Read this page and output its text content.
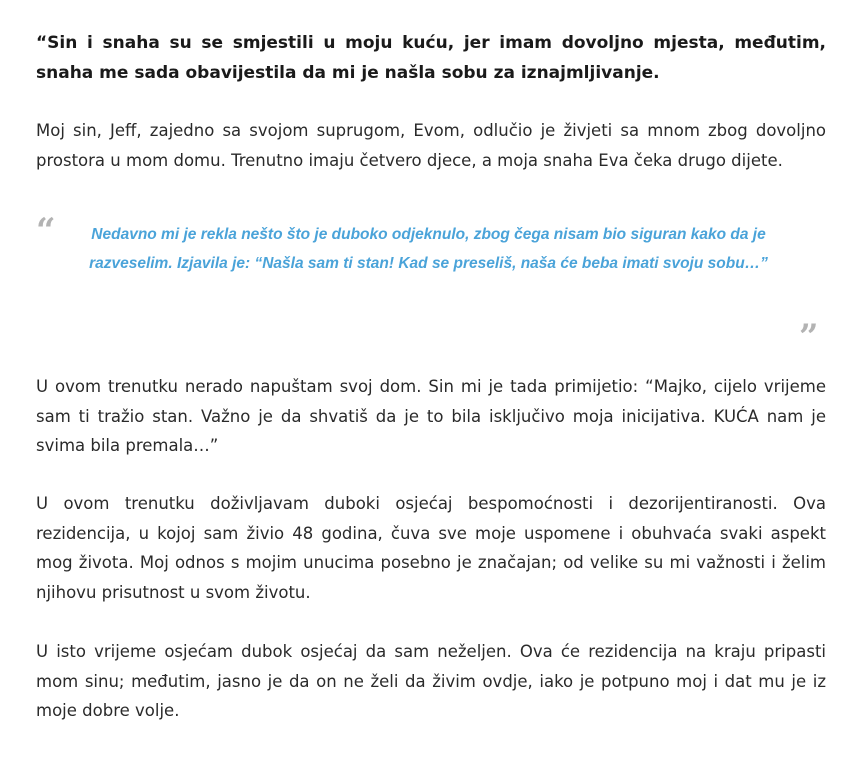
“Sin i snaha su se smjestili u moju kuću, jer imam dovoljno mjesta, međutim, snaha me sada obavijestila da mi je našla sobu za iznajmljivanje.

Moj sin, Jeff, zajedno sa svojom suprugom, Evom, odlučio je živjeti sa mnom zbog dovoljno prostora u mom domu. Trenutno imaju četvero djece, a moja snaha Eva čeka drugo dijete.

“	Nedavno mi je rekla nešto što je duboko odjeknulo, zbog čega nisam bio siguran kako da je razveselim. Izjavila je: “Našla sam ti stan! Kad se preseliš, naša će beba imati svoju sobu…”

”

U ovom trenutku nerado napuštam svoj dom. Sin mi je tada primijetio: “Majko, cijelo vrijeme sam ti tražio stan. Važno je da shvatiš da je to bila isključivo moja inicijativa. KUĆA nam je svima bila premala…”

U ovom trenutku doživljavam duboki osjećaj bespomoćnosti i dezorijentiranosti. Ova rezidencija, u kojoj sam živio 48 godina, čuva sve moje uspomene i obuhvaća svaki aspekt mog života. Moj odnos s mojim unucima posebno je značajan; od velike su mi važnosti i želim njihovu prisutnost u svom životu.

U isto vrijeme osjećam dubok osjećaj da sam neželjen. Ova će rezidencija na kraju pripasti mom sinu; međutim, jasno je da on ne želi da živim ovdje, iako je potpuno moj i dat mu je iz moje dobre volje.
